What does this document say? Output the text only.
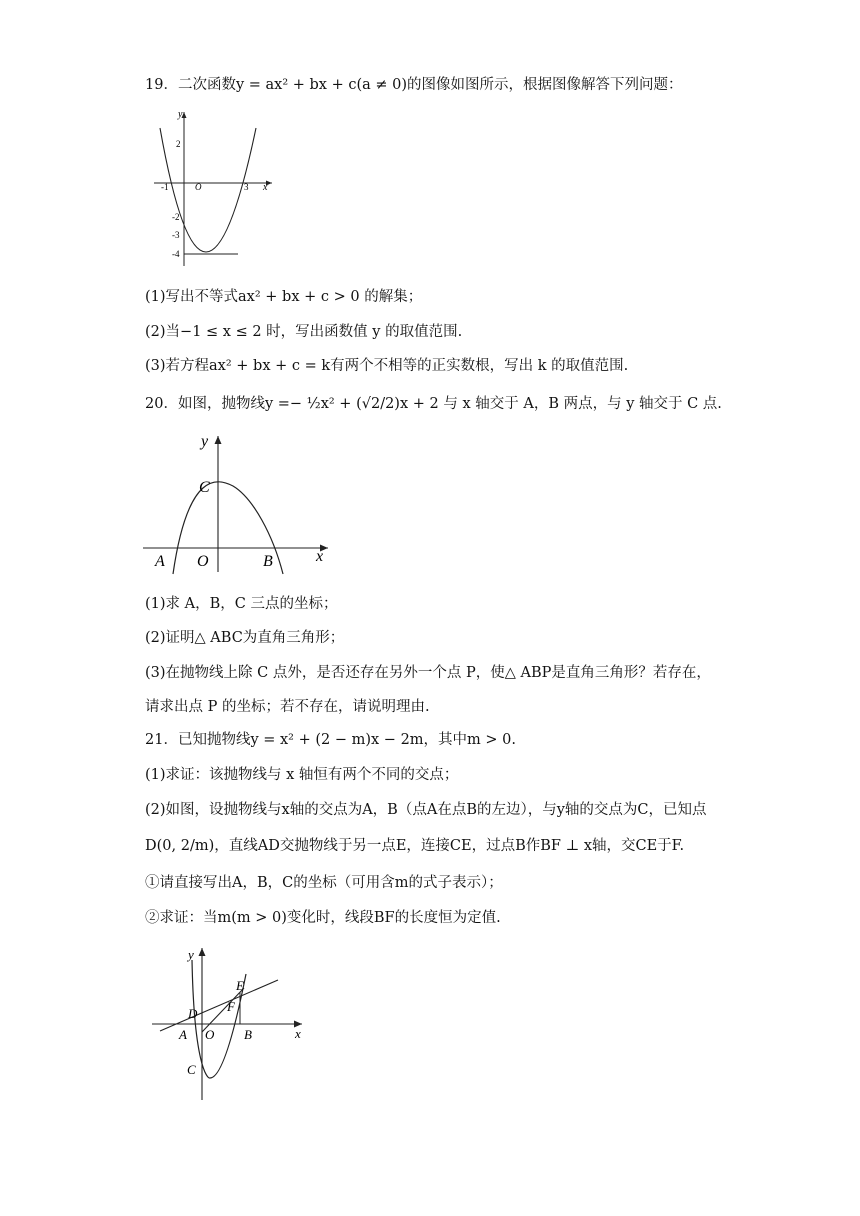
19．二次函数y = ax² + bx + c(a ≠ 0)的图像如图所示，根据图像解答下列问题：
y
x
O
2
-2
-3
-4
-1	3
(1)写出不等式ax² + bx + c > 0 的解集；
(2)当−1 ≤ x ≤ 2 时，写出函数值 y 的取值范围.
(3)若方程ax² + bx + c = k有两个不相等的正实数根，写出 k 的取值范围.
20．如图，抛物线y =− ½x² + (√2/2)x + 2 与 x 轴交于 A，B 两点，与 y 轴交于 C 点.
y
x
C
A O	B
(1)求 A，B，C 三点的坐标；
(2)证明△ ABC为直角三角形；
(3)在抛物线上除 C 点外，是否还存在另外一个点 P，使△ ABP是直角三角形？若存在，
请求出点 P 的坐标；若不存在，请说明理由.
21．已知抛物线y = x² + (2 − m)x − 2m，其中m > 0.
(1)求证：该抛物线与 x 轴恒有两个不同的交点；
(2)如图，设抛物线与x轴的交点为A，B（点A在点B的左边），与y轴的交点为C，已知点
D(0, 2/m)，直线AD交抛物线于另一点E，连接CE，过点B作BF ⊥ x轴，交CE于F.
①请直接写出A，B，C的坐标（可用含m的式子表示）；
②求证：当m(m > 0)变化时，线段BF的长度恒为定值.
y
x
D
E
F
A O B
C
